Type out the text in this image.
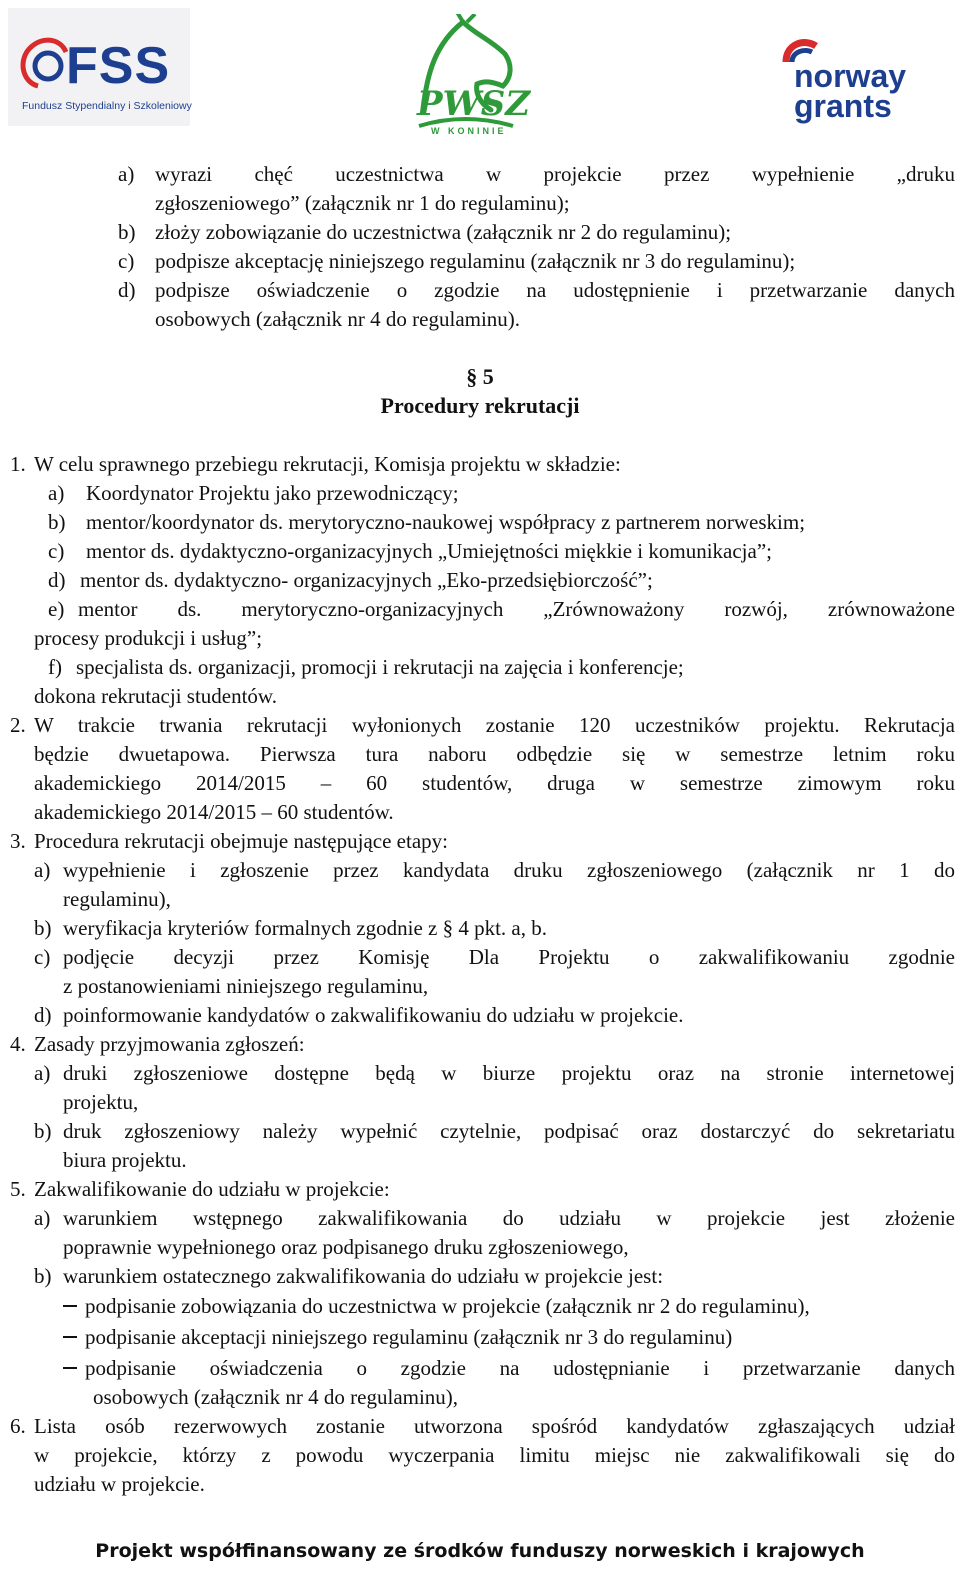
FSS
Fundusz Stypendialny i Szkoleniowy	PWSZ
W KONINIE
norway
grants
a) wyrazi chęć uczestnictwa w projekcie przez wypełnienie „druku
zgłoszeniowego” (załącznik nr 1 do regulaminu);
b) złoży zobowiązanie do uczestnictwa (załącznik nr 2 do regulaminu);
c) podpisze akceptację niniejszego regulaminu (załącznik nr 3 do regulaminu);
d) podpisze oświadczenie o zgodzie na udostępnienie i przetwarzanie danych
osobowych (załącznik nr 4 do regulaminu).
§ 5
Procedury rekrutacji
1. W celu sprawnego przebiegu rekrutacji, Komisja projektu w składzie:
a) Koordynator Projektu jako przewodniczący;
b) mentor/koordynator ds. merytoryczno-naukowej współpracy z partnerem norweskim;
c) mentor ds. dydaktyczno-organizacyjnych „Umiejętności miękkie i komunikacja”;
d) mentor ds. dydaktyczno- organizacyjnych „Eko-przedsiębiorczość”;
e) mentor ds. merytoryczno-organizacyjnych „Zrównoważony rozwój, zrównoważone
procesy produkcji i usług”;
f) specjalista ds. organizacji, promocji i rekrutacji na zajęcia i konferencje;
dokona rekrutacji studentów.
2. W trakcie trwania rekrutacji wyłonionych zostanie 120 uczestników projektu. Rekrutacja
będzie dwuetapowa. Pierwsza tura naboru odbędzie się w semestrze letnim roku
akademickiego 2014/2015 – 60 studentów, druga w semestrze zimowym roku
akademickiego 2014/2015 – 60 studentów.
3. Procedura rekrutacji obejmuje następujące etapy:
a) wypełnienie i zgłoszenie przez kandydata druku zgłoszeniowego (załącznik nr 1 do
regulaminu),
b) weryfikacja kryteriów formalnych zgodnie z § 4 pkt. a, b.
c) podjęcie decyzji przez Komisję Dla Projektu o zakwalifikowaniu zgodnie
z postanowieniami niniejszego regulaminu,
d) poinformowanie kandydatów o zakwalifikowaniu do udziału w projekcie.
4. Zasady przyjmowania zgłoszeń:
a) druki zgłoszeniowe dostępne będą w biurze projektu oraz na stronie internetowej
projektu,
b) druk zgłoszeniowy należy wypełnić czytelnie, podpisać oraz dostarczyć do sekretariatu
biura projektu.
5. Zakwalifikowanie do udziału w projekcie:
a) warunkiem wstępnego zakwalifikowania do udziału w projekcie jest złożenie
poprawnie wypełnionego oraz podpisanego druku zgłoszeniowego,
b) warunkiem ostatecznego zakwalifikowania do udziału w projekcie jest:
podpisanie zobowiązania do uczestnictwa w projekcie (załącznik nr 2 do regulaminu),
podpisanie akceptacji niniejszego regulaminu (załącznik nr 3 do regulaminu)
podpisanie oświadczenia o zgodzie na udostępnianie i przetwarzanie danych
osobowych (załącznik nr 4 do regulaminu),
6. Lista osób rezerwowych zostanie utworzona spośród kandydatów zgłaszających udział
w projekcie, którzy z powodu wyczerpania limitu miejsc nie zakwalifikowali się do
udziału w projekcie.
Projekt współfinansowany ze środków funduszy norweskich i krajowych
